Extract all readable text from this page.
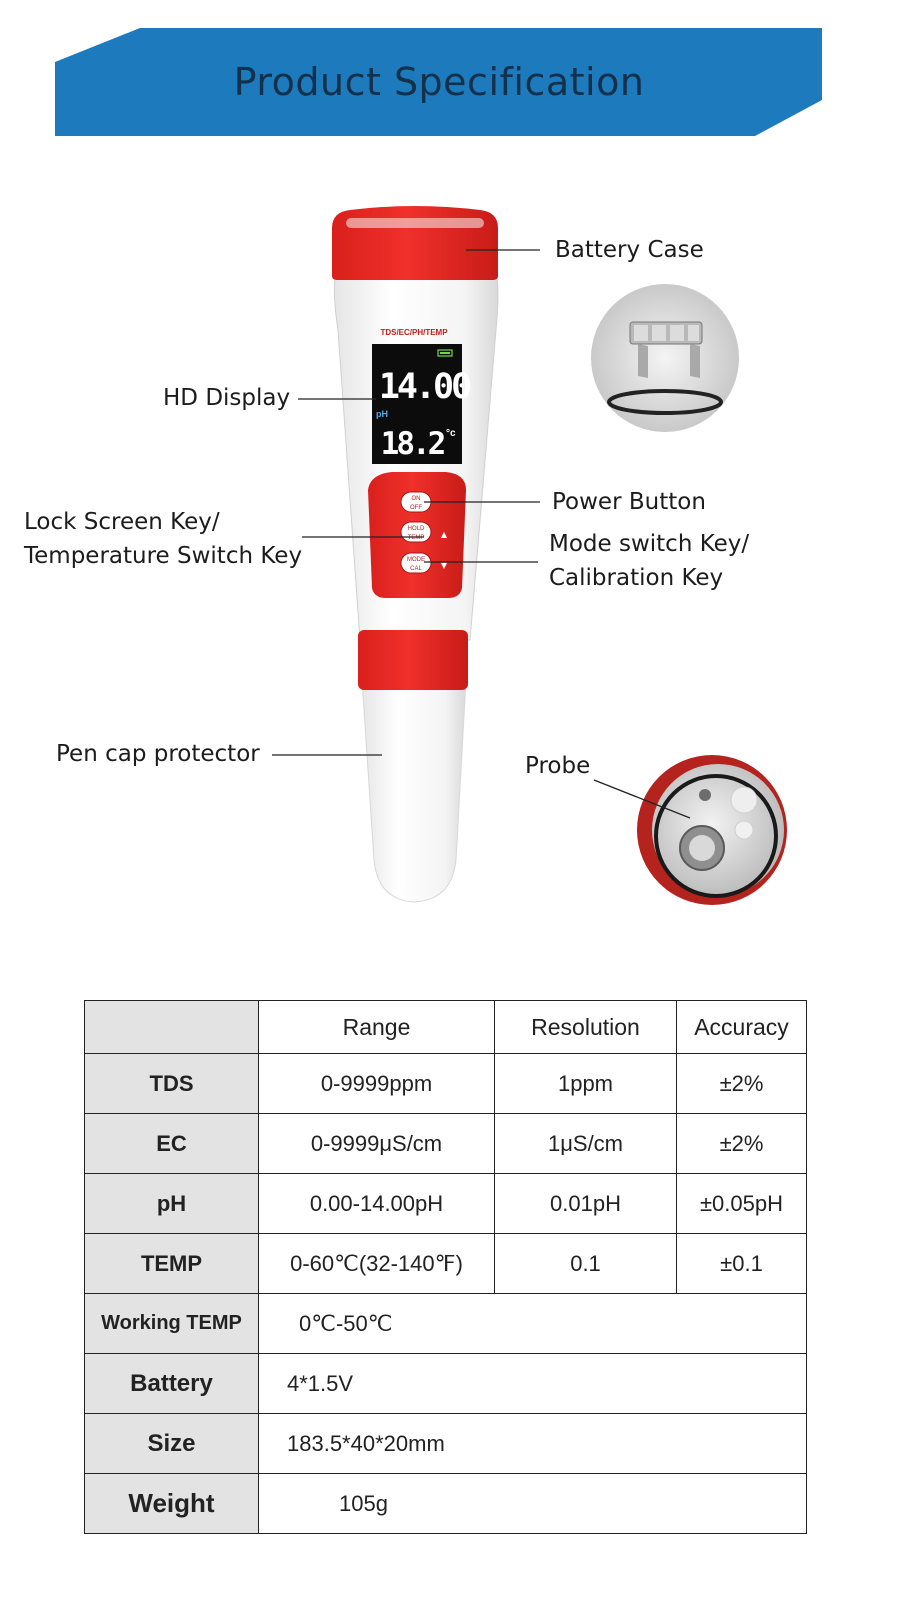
Product Specification
TDS/EC/PH/TEMP
14.00
pH
18.2 °c
ON
OFF
HOLD
TEMP ▲
MODE
CAL ▼
Battery Case
HD Display
Power Button
Lock Screen Key/
Temperature Switch Key	Mode switch Key/
Calibration Key
Pen cap protector	Probe
	Range	Resolution	Accuracy
TDS	0-9999ppm	1ppm	±2%
EC	0-9999μS/cm	1μS/cm	±2%
pH	0.00-14.00pH	0.01pH	±0.05pH
TEMP	0-60℃(32-140℉)	0.1	±0.1
Working TEMP	0℃-50℃		
Battery	4*1.5V		
Size	183.5*40*20mm		
Weight	105g		
